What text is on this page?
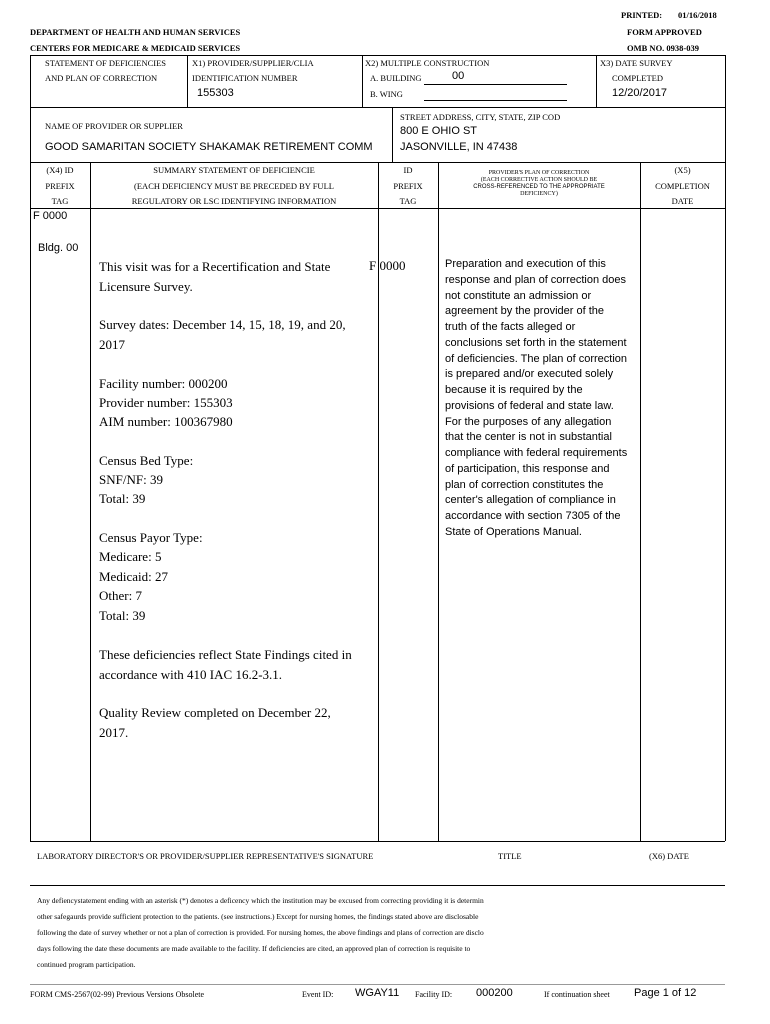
PRINTED: 01/16/2018
DEPARTMENT OF HEALTH AND HUMAN SERVICES	FORM APPROVED
CENTERS FOR MEDICARE & MEDICAID SERVICES	OMB NO. 0938-039
STATEMENT OF DEFICIENCIES
AND PLAN OF CORRECTION
X1) PROVIDER/SUPPLIER/CLIA
IDENTIFICATION NUMBER
155303
X2) MULTIPLE CONSTRUCTION
A. BUILDING	00
B. WING
X3) DATE SURVEY
COMPLETED
12/20/2017
NAME OF PROVIDER OR SUPPLIER
GOOD SAMARITAN SOCIETY SHAKAMAK RETIREMENT COMM
STREET ADDRESS, CITY, STATE, ZIP COD
800 E OHIO ST
JASONVILLE, IN 47438
(X4) ID
PREFIX
TAG
SUMMARY STATEMENT OF DEFICIENCIE
(EACH DEFICIENCY MUST BE PRECEDED BY FULL
REGULATORY OR LSC IDENTIFYING INFORMATION
ID
PREFIX
TAG
PROVIDER'S PLAN OF CORRECTION
(EACH CORRECTIVE ACTION SHOULD BE
CROSS-REFERENCED TO THE APPROPRIATE
DEFICIENCY)
(X5)
COMPLETION
DATE
F 0000
Bldg. 00
F 0000
This visit was for a Recertification and State Licensure Survey.
Survey dates: December 14, 15, 18, 19, and 20, 2017
Facility number: 000200
Provider number: 155303
AIM number: 100367980
Census Bed Type:
SNF/NF: 39
Total: 39
Census Payor Type:
Medicare: 5
Medicaid: 27
Other: 7
Total: 39
These deficiencies reflect State Findings cited in accordance with 410 IAC 16.2-3.1.
Quality Review completed on December 22, 2017.
Preparation and execution of this response and plan of correction does not constitute an admission or agreement by the provider of the truth of the facts alleged or conclusions set forth in the statement of deficiencies. The plan of correction is prepared and/or executed solely because it is required by the provisions of federal and state law. For the purposes of any allegation that the center is not in substantial compliance with federal requirements of participation, this response and plan of correction constitutes the center's allegation of compliance in accordance with section 7305 of the State of Operations Manual.
LABORATORY DIRECTOR'S OR PROVIDER/SUPPLIER REPRESENTATIVE'S SIGNATURE	TITLE	(X6) DATE
Any defiencystatement ending with an asterisk (*) denotes a deficency which the institution may be excused from correcting providing it is determin
other safegaurds provide sufficient protection to the patients. (see instructions.) Except for nursing homes, the findings stated above are disclosable
following the date of survey whether or not a plan of correction is provided. For nursing homes, the above findings and plans of correction are disclo
days following the date these documents are made available to the facility. If deficiencies are cited, an approved plan of correction is requisite to
continued program participation.
FORM CMS-2567(02-99) Previous Versions Obsolete	Event ID: WGAY11 Facility ID: 000200	If continuation sheet Page 1 of 12
